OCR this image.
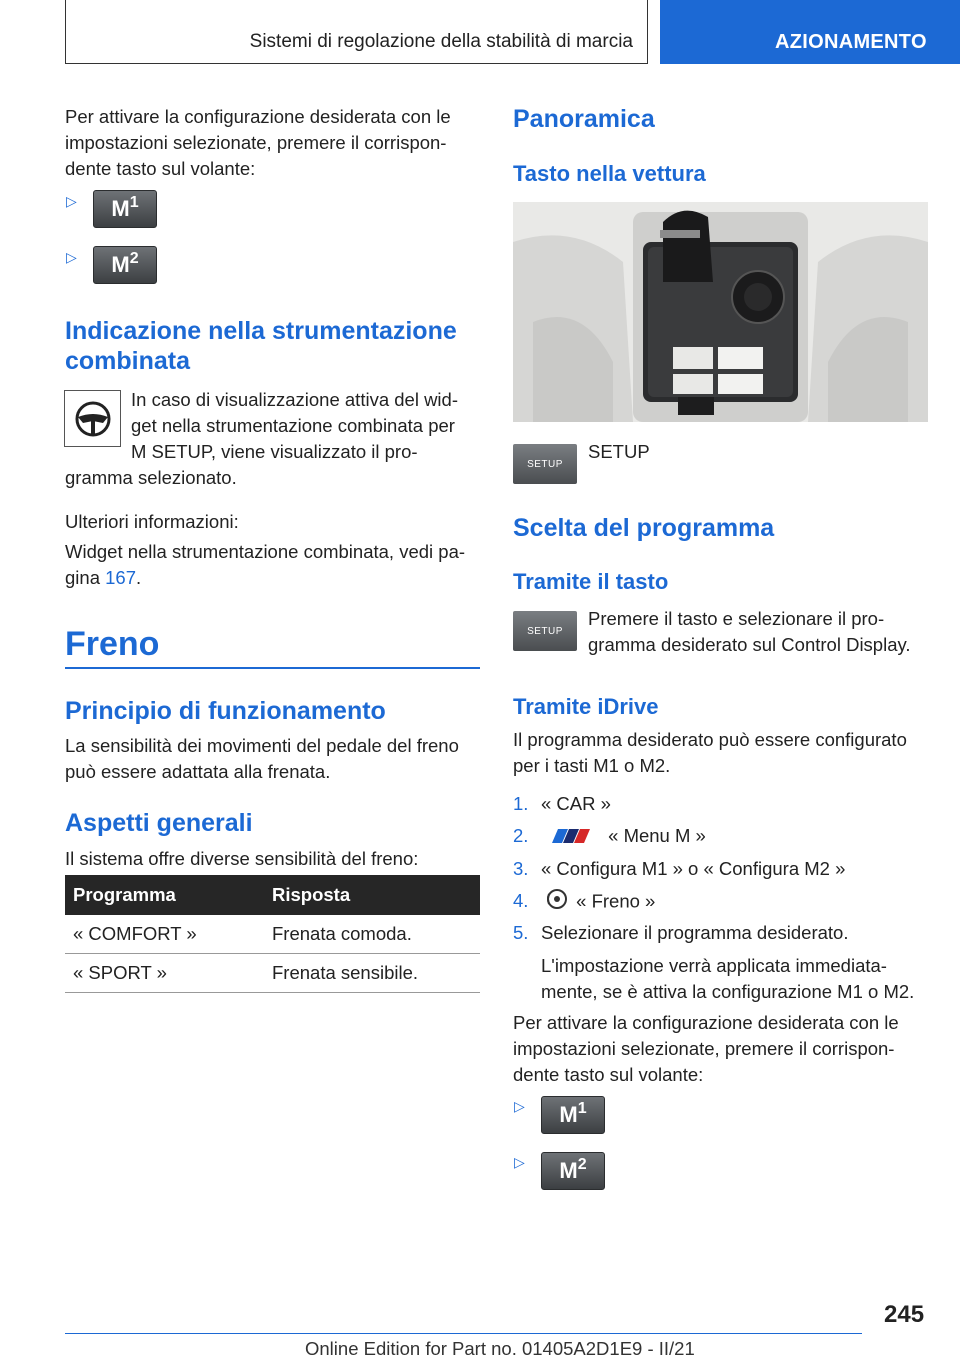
Sistemi di regolazione della stabilità di marcia	AZIONAMENTO
Per attivare la configurazione desiderata con le
impostazioni selezionate, premere il corrispon-
dente tasto sul volante:
▷ $M^1$
▷ $M^2$
Indicazione nella strumentazione
combinata
In caso di visualizzazione attiva del wid-
get nella strumentazione combinata per
M SETUP, viene visualizzato il pro-
gramma selezionato.
Ulteriori informazioni:
Widget nella strumentazione combinata, vedi pa-
gina 167.
Freno
Principio di funzionamento
La sensibilità dei movimenti del pedale del freno
può essere adattata alla frenata.
Aspetti generali
Il sistema offre diverse sensibilità del freno:
Programma	Risposta
« COMFORT »	Frenata comoda.
« SPORT »	Frenata sensibile.
Panoramica
Tasto nella vettura
SETUP
SETUP
Scelta del programma
Tramite il tasto
SETUP
Premere il tasto e selezionare il pro-
gramma desiderato sul Control Display.
Tramite iDrive
Il programma desiderato può essere configurato
per i tasti M1 o M2.
1. « CAR »
2.	« Menu M »
3. « Configura M1 » o « Configura M2 »
4.	« Freno »
5. Selezionare il programma desiderato.
L'impostazione verrà applicata immediata-
mente, se è attiva la configurazione M1 o M2.
Per attivare la configurazione desiderata con le
impostazioni selezionate, premere il corrispon-
dente tasto sul volante:
▷ $M^1$
▷ $M^2$
245
Online Edition for Part no. 01405A2D1E9 - II/21
